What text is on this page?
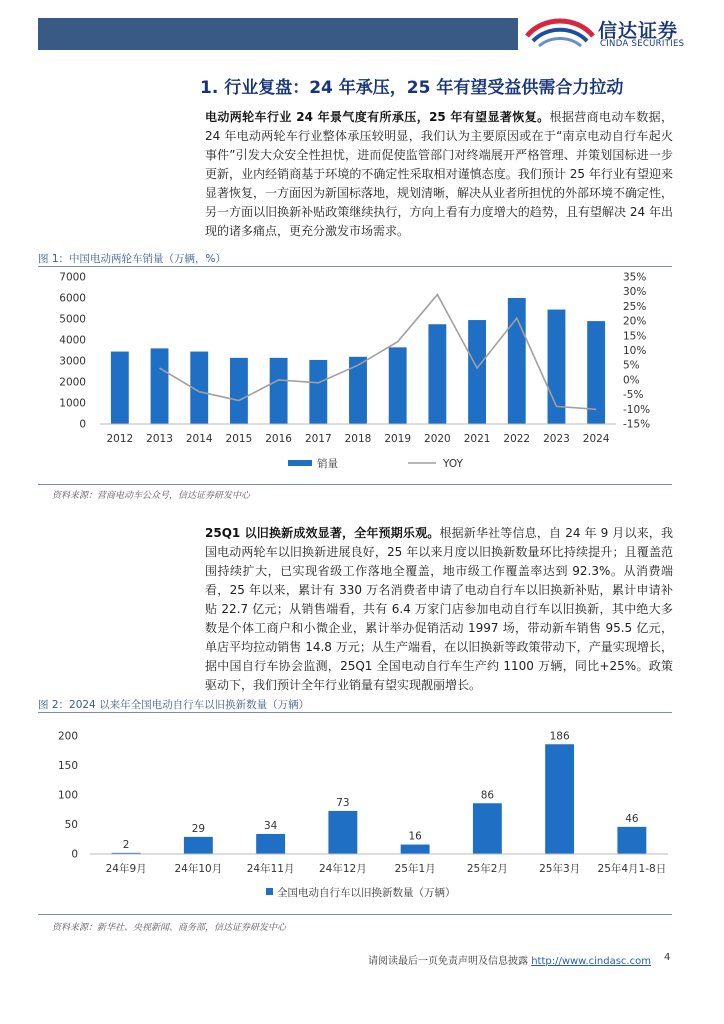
信达证券
CINDA SECURITIES
1. 行业复盘：24 年承压，25 年有望受益供需合力拉动

电动两轮车行业 24 年景气度有所承压，25 年有望显著恢复。根据营商电动车数据，24 年电动两轮车行业整体承压较明显，我们认为主要原因或在于“南京电动自行车起火事件”引发大众安全性担忧，进而促使监管部门对终端展开严格管理、并策划国标进一步更新，业内经销商基于环境的不确定性采取相对谨慎态度。我们预计 25 年行业有望迎来显著恢复，一方面因为新国标落地，规划清晰，解决从业者所担忧的外部环境不确定性，另一方面以旧换新补贴政策继续执行，方向上看有力度增大的趋势，且有望解决 24 年出现的诸多痛点，更充分激发市场需求。

图 1：中国电动两轮车销量（万辆，%）

0
1000
2000
3000
4000
5000
6000
7000
-15%
-10%
-5%
0%
5%
10%
15%
20%
25%
30%
35%
2012 2013 2014 2015 2016 2017 2018 2019 2020 2021 2022 2023 2024
销量	YOY

资料来源：营商电动车公众号，信达证券研发中心

25Q1 以旧换新成效显著，全年预期乐观。根据新华社等信息，自 24 年 9 月以来，我国电动两轮车以旧换新进展良好，25 年以来月度以旧换新数量环比持续提升；且覆盖范围持续扩大，已实现省级工作落地全覆盖，地市级工作覆盖率达到 92.3%。从消费端看，25 年以来，累计有 330 万名消费者申请了电动自行车以旧换新补贴，累计申请补贴 22.7 亿元；从销售端看，共有 6.4 万家门店参加电动自行车以旧换新，其中绝大多数是个体工商户和小微企业，累计举办促销活动 1997 场，带动新车销售 95.5 亿元，单店平均拉动销售 14.8 万元；从生产端看，在以旧换新等政策带动下，产量实现增长，据中国自行车协会监测，25Q1 全国电动自行车生产约 1100 万辆，同比+25%。政策驱动下，我们预计全年行业销量有望实现靓丽增长。

图 2：2024 以来年全国电动自行车以旧换新数量（万辆）

0
50
100
150
200
2
24年9月
29
24年10月
34
24年11月
73
24年12月
16
25年1月
86
25年2月
186
25年3月
46
25年4月1-8日
全国电动自行车以旧换新数量（万辆）

资料来源：新华社、央视新闻、商务部，信达证券研发中心

请阅读最后一页免责声明及信息披露 http://www.cindasc.com 4
